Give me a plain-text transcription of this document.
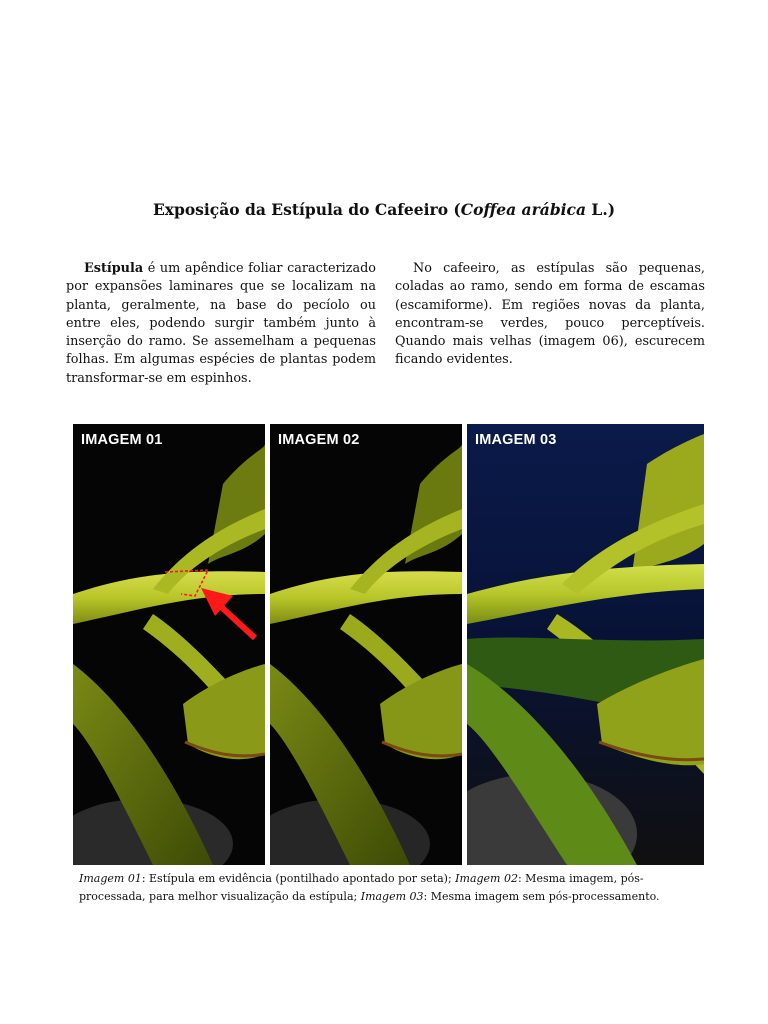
Exposição da Estípula do Cafeeiro (Coffea arábica L.)
Estípula é um apêndice foliar caracterizado por expansões laminares que se localizam na planta, geralmente, na base do pecíolo ou entre eles, podendo surgir também junto à inserção do ramo. Se assemelham a pequenas folhas. Em algumas espécies de plantas podem transformar-se em espinhos.
No cafeeiro, as estípulas são pequenas, coladas ao ramo, sendo em forma de escamas (escamiforme). Em regiões novas da planta, encontram-se verdes, pouco perceptíveis. Quando mais velhas (imagem 06), escurecem ficando evidentes.
IMAGEM 01	IMAGEM 02	IMAGEM 03
Imagem 01: Estípula em evidência (pontilhado apontado por seta); Imagem 02: Mesma imagem, pós-processada, para melhor visualização da estípula; Imagem 03: Mesma imagem sem pós-processamento.
